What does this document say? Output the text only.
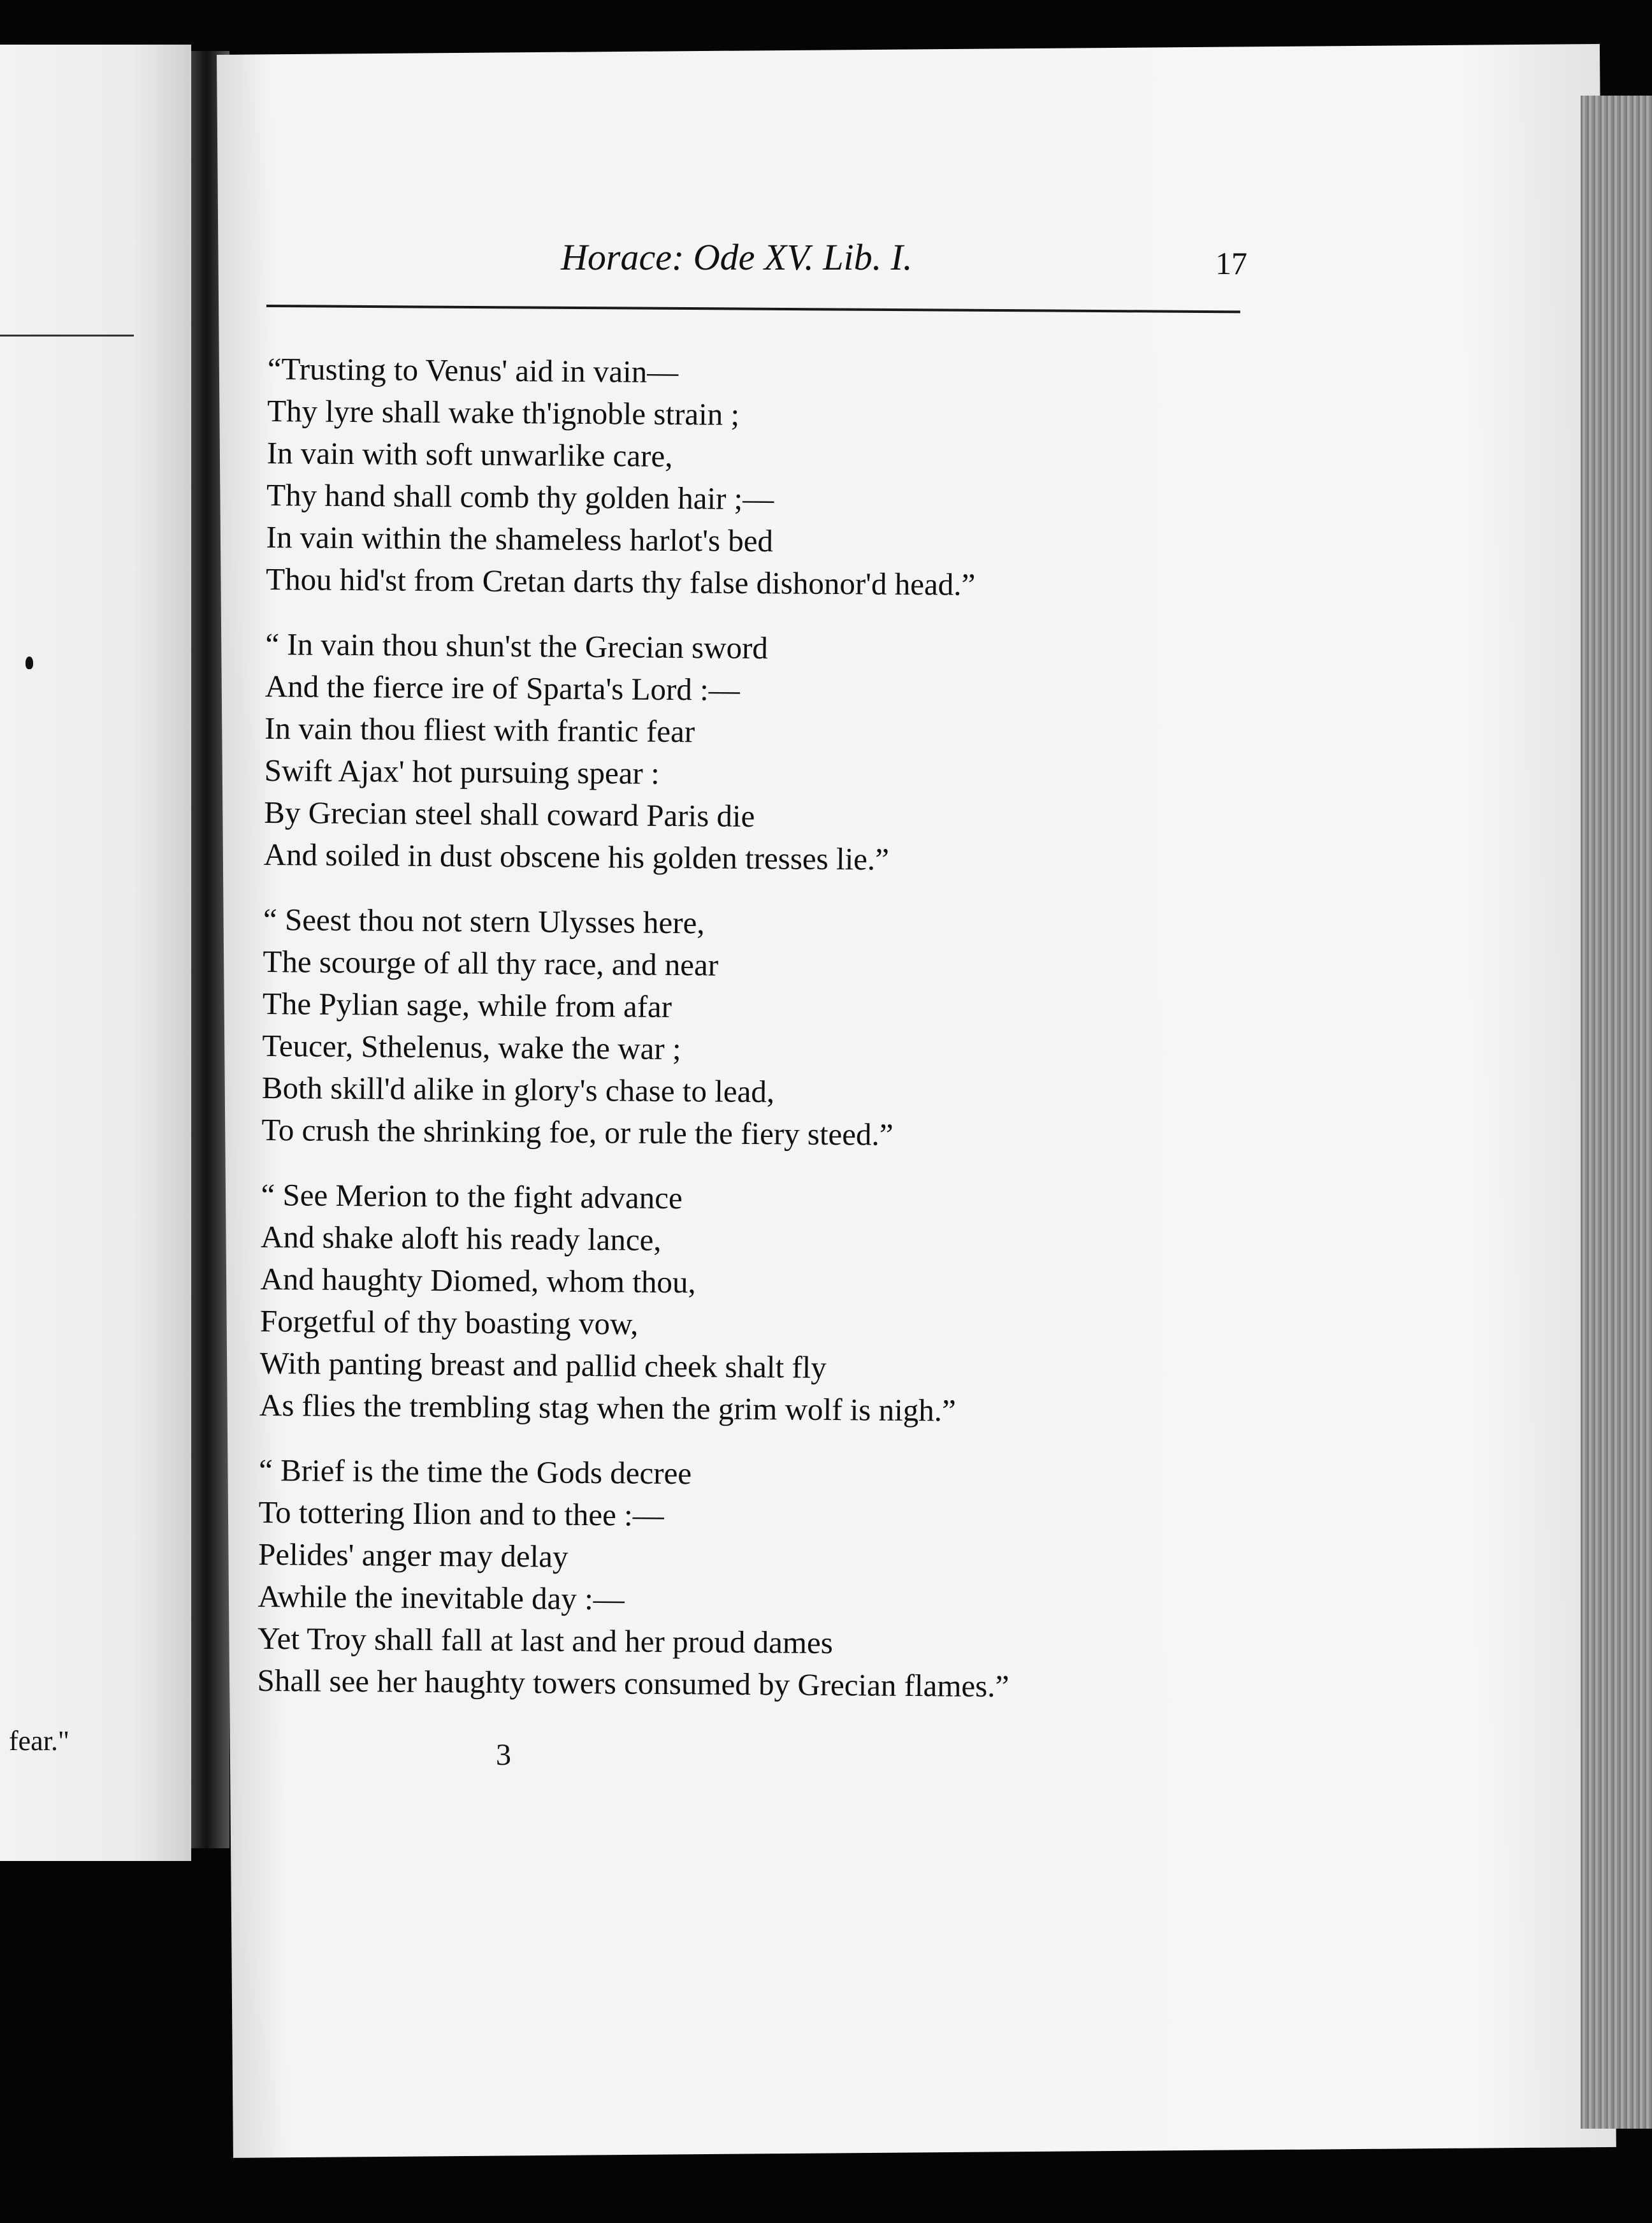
fear."
Horace: Ode XV. Lib. I.	17
“Trusting to Venus' aid in vain—
Thy lyre shall wake th'ignoble strain ;
In vain with soft unwarlike care,
Thy hand shall comb thy golden hair ;—
In vain within the shameless harlot's bed
Thou hid'st from Cretan darts thy false dishonor'd head.”
“ In vain thou shun'st the Grecian sword
And the fierce ire of Sparta's Lord :—
In vain thou fliest with frantic fear
Swift Ajax' hot pursuing spear :
By Grecian steel shall coward Paris die
And soiled in dust obscene his golden tresses lie.”
“ Seest thou not stern Ulysses here,
The scourge of all thy race, and near
The Pylian sage, while from afar
Teucer, Sthelenus, wake the war ;
Both skill'd alike in glory's chase to lead,
To crush the shrinking foe, or rule the fiery steed.”
“ See Merion to the fight advance
And shake aloft his ready lance,
And haughty Diomed, whom thou,
Forgetful of thy boasting vow,
With panting breast and pallid cheek shalt fly
As flies the trembling stag when the grim wolf is nigh.”
“ Brief is the time the Gods decree
To tottering Ilion and to thee :—
Pelides' anger may delay
Awhile the inevitable day :—
Yet Troy shall fall at last and her proud dames
Shall see her haughty towers consumed by Grecian flames.”
3
